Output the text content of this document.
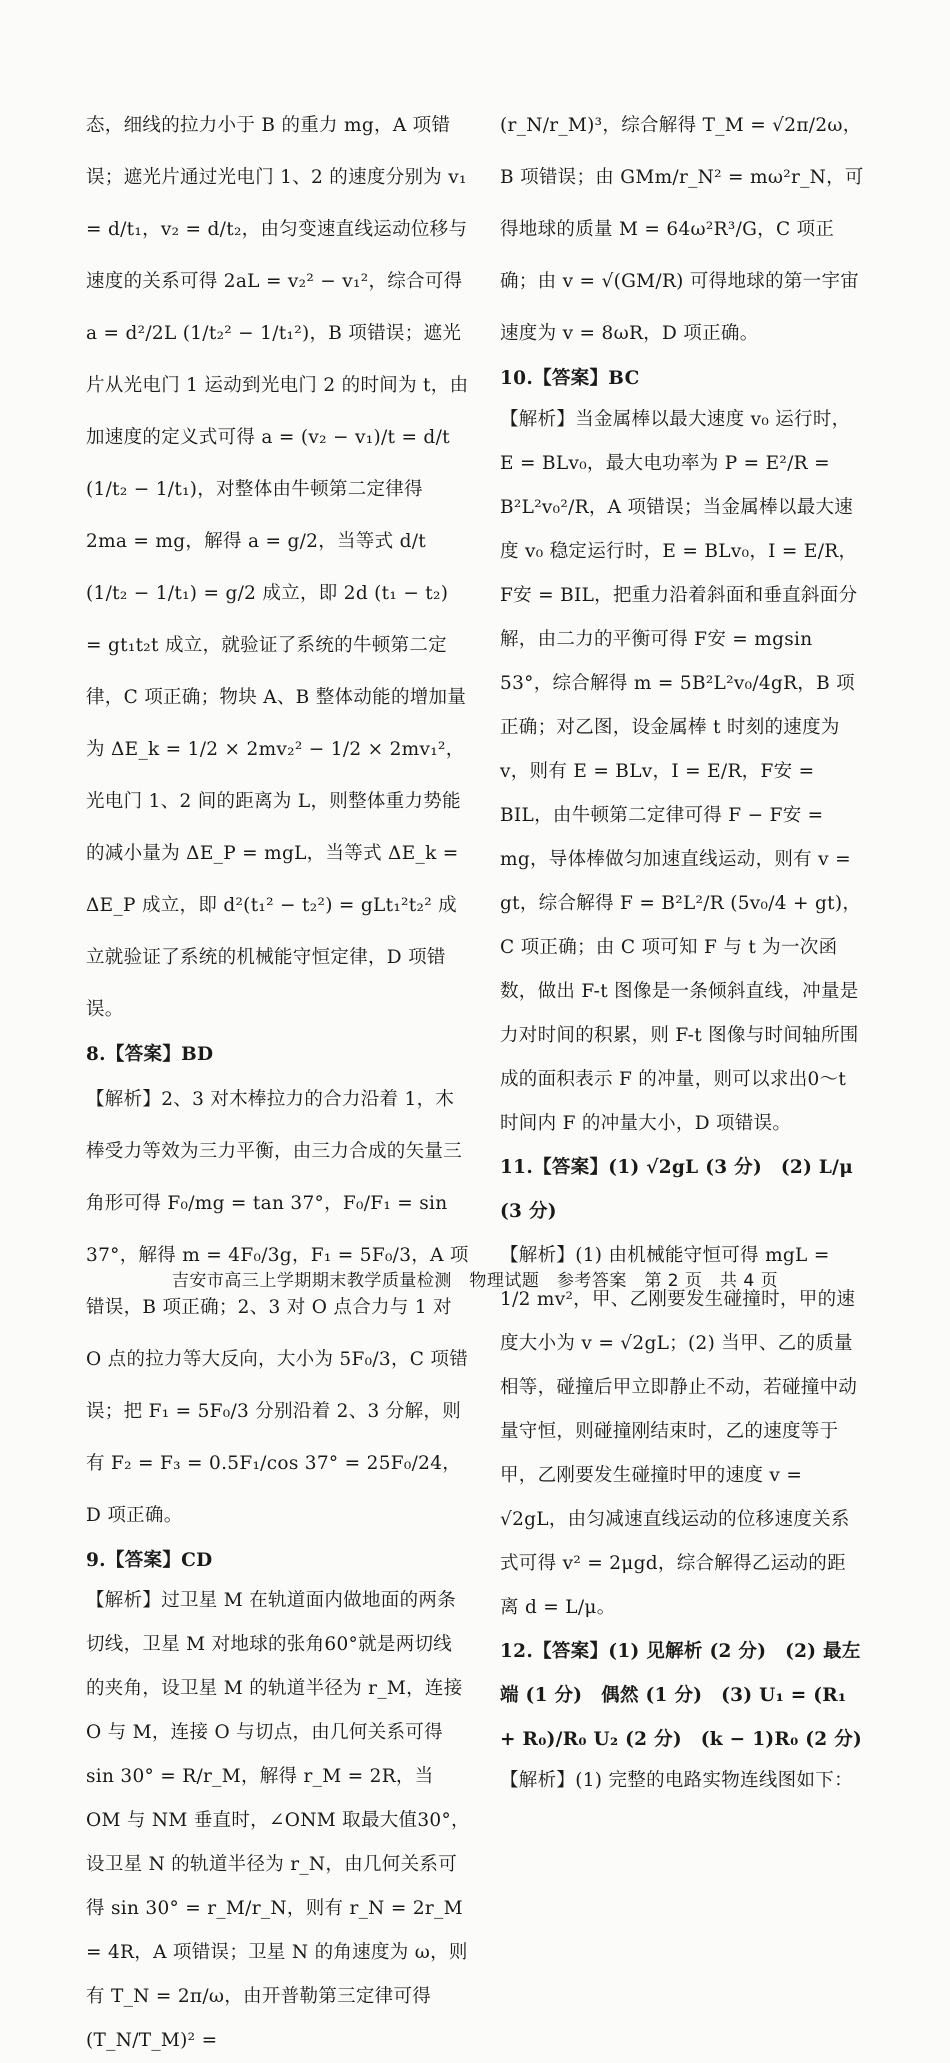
态，细线的拉力小于 B 的重力 mg，A 项错误；遮光片通过光电门 1、2 的速度分别为 v₁ = d/t₁，v₂ = d/t₂，由匀变速直线运动位移与速度的关系可得 2aL = v₂² − v₁²，综合可得 a = d²/2L (1/t₂² − 1/t₁²)，B 项错误；遮光片从光电门 1 运动到光电门 2 的时间为 t，由加速度的定义式可得 a = (v₂ − v₁)/t = d/t (1/t₂ − 1/t₁)，对整体由牛顿第二定律得 2ma = mg，解得 a = g/2，当等式 d/t (1/t₂ − 1/t₁) = g/2 成立，即 2d (t₁ − t₂) = gt₁t₂t 成立，就验证了系统的牛顿第二定律，C 项正确；物块 A、B 整体动能的增加量为 ΔE_k = 1/2 × 2mv₂² − 1/2 × 2mv₁²，光电门 1、2 间的距离为 L，则整体重力势能的减小量为 ΔE_P = mgL，当等式 ΔE_k = ΔE_P 成立，即 d²(t₁² − t₂²) = gLt₁²t₂² 成立就验证了系统的机械能守恒定律，D 项错误。

8.【答案】BD

【解析】2、3 对木棒拉力的合力沿着 1，木棒受力等效为三力平衡，由三力合成的矢量三角形可得 F₀/mg = tan 37°，F₀/F₁ = sin 37°，解得 m = 4F₀/3g，F₁ = 5F₀/3，A 项错误，B 项正确；2、3 对 O 点合力与 1 对 O 点的拉力等大反向，大小为 5F₀/3，C 项错误；把 F₁ = 5F₀/3 分别沿着 2、3 分解，则有 F₂ = F₃ = 0.5F₁/cos 37° = 25F₀/24，D 项正确。

9.【答案】CD

【解析】过卫星 M 在轨道面内做地面的两条切线，卫星 M 对地球的张角60°就是两切线的夹角，设卫星 M 的轨道半径为 r_M，连接 O 与 M，连接 O 与切点，由几何关系可得 sin 30° = R/r_M，解得 r_M = 2R，当 OM 与 NM 垂直时，∠ONM 取最大值30°，设卫星 N 的轨道半径为 r_N，由几何关系可得 sin 30° = r_M/r_N，则有 r_N = 2r_M = 4R，A 项错误；卫星 N 的角速度为 ω，则有 T_N = 2π/ω，由开普勒第三定律可得 (T_N/T_M)² =

(r_N/r_M)³，综合解得 T_M = √2π/2ω，B 项错误；由 GMm/r_N² = mω²r_N，可得地球的质量 M = 64ω²R³/G，C 项正确；由 v = √(GM/R) 可得地球的第一宇宙速度为 v = 8ωR，D 项正确。

10.【答案】BC

【解析】当金属棒以最大速度 v₀ 运行时，E = BLv₀，最大电功率为 P = E²/R = B²L²v₀²/R，A 项错误；当金属棒以最大速度 v₀ 稳定运行时，E = BLv₀，I = E/R，F安 = BIL，把重力沿着斜面和垂直斜面分解，由二力的平衡可得 F安 = mgsin 53°，综合解得 m = 5B²L²v₀/4gR，B 项正确；对乙图，设金属棒 t 时刻的速度为 v，则有 E = BLv，I = E/R，F安 = BIL，由牛顿第二定律可得 F − F安 = mg，导体棒做匀加速直线运动，则有 v = gt，综合解得 F = B²L²/R (5v₀/4 + gt)，C 项正确；由 C 项可知 F 与 t 为一次函数，做出 F-t 图像是一条倾斜直线，冲量是力对时间的积累，则 F-t 图像与时间轴所围成的面积表示 F 的冲量，则可以求出0～t 时间内 F 的冲量大小，D 项错误。

11.【答案】(1) √2gL (3 分)　(2) L/μ (3 分)

【解析】(1) 由机械能守恒可得 mgL = 1/2 mv²，甲、乙刚要发生碰撞时，甲的速度大小为 v = √2gL；(2) 当甲、乙的质量相等，碰撞后甲立即静止不动，若碰撞中动量守恒，则碰撞刚结束时，乙的速度等于甲，乙刚要发生碰撞时甲的速度 v = √2gL，由匀减速直线运动的位移速度关系式可得 v² = 2μgd，综合解得乙运动的距离 d = L/μ。

12.【答案】(1) 见解析 (2 分)　(2) 最左端 (1 分)　偶然 (1 分)　(3) U₁ = (R₁ + R₀)/R₀ U₂ (2 分)　(k − 1)R₀ (2 分)

【解析】(1) 完整的电路实物连线图如下：

吉安市高三上学期期末教学质量检测　物理试题　参考答案　第 2 页　共 4 页
